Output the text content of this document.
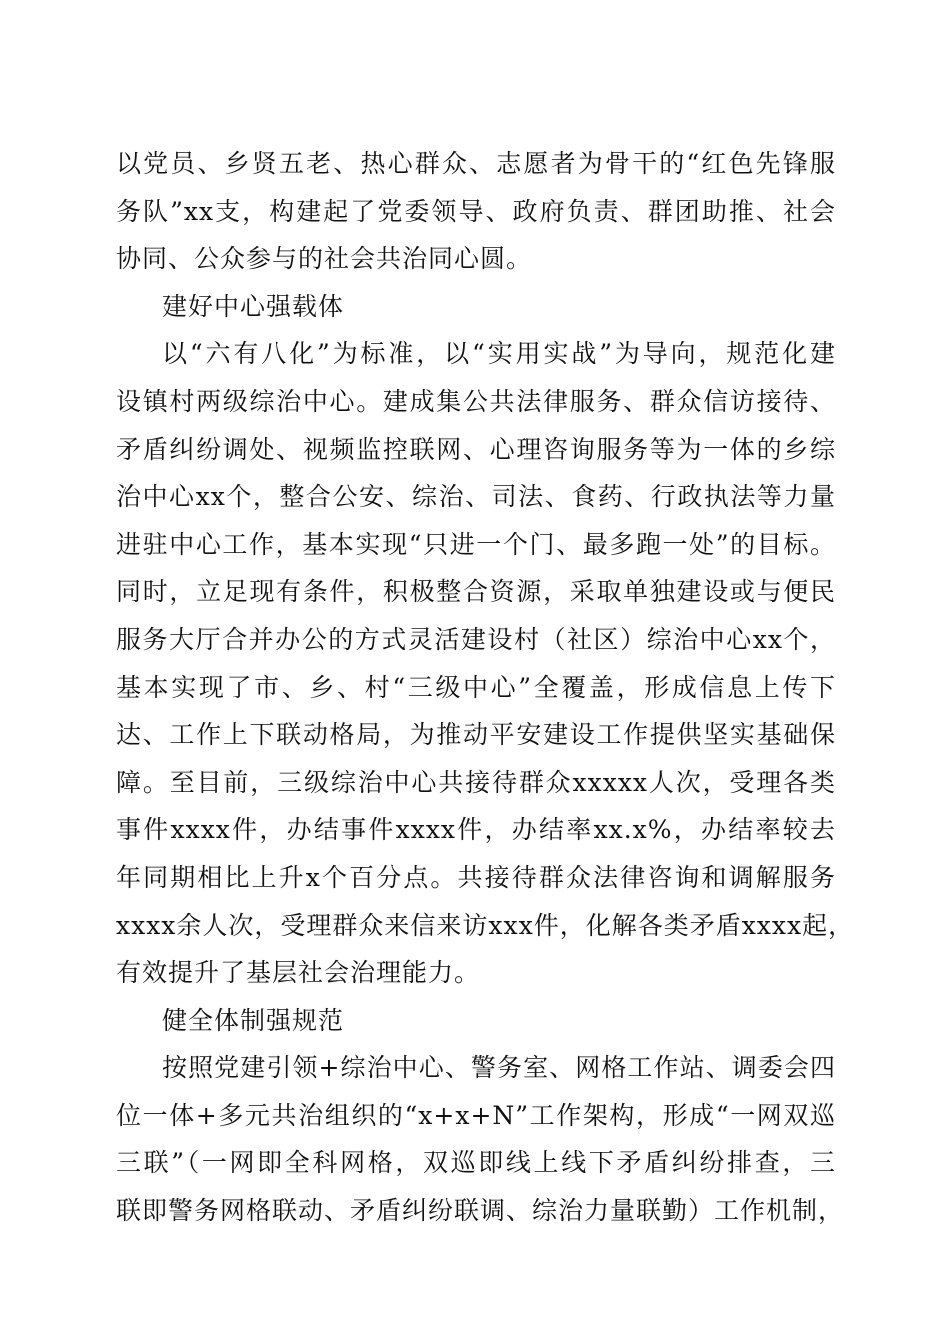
以党员、乡贤五老、热心群众、志愿者为骨干的“红色先锋服
务队”xx支，构建起了党委领导、政府负责、群团助推、社会
协同、公众参与的社会共治同心圆。
建好中心强载体
以“六有八化”为标准，以“实用实战”为导向，规范化建
设镇村两级综治中心。建成集公共法律服务、群众信访接待、
矛盾纠纷调处、视频监控联网、心理咨询服务等为一体的乡综
治中心xx个，整合公安、综治、司法、食药、行政执法等力量
进驻中心工作，基本实现“只进一个门、最多跑一处”的目标。
同时，立足现有条件，积极整合资源，采取单独建设或与便民
服务大厅合并办公的方式灵活建设村（社区）综治中心xx个，
基本实现了市、乡、村“三级中心”全覆盖，形成信息上传下
达、工作上下联动格局，为推动平安建设工作提供坚实基础保
障。至目前，三级综治中心共接待群众xxxxx人次，受理各类
事件xxxx件，办结事件xxxx件，办结率xx.x%，办结率较去
年同期相比上升x个百分点。共接待群众法律咨询和调解服务
xxxx余人次，受理群众来信来访xxx件，化解各类矛盾xxxx起，
有效提升了基层社会治理能力。
健全体制强规范
按照党建引领+综治中心、警务室、网格工作站、调委会四
位一体+多元共治组织的“x+x+N”工作架构，形成“一网双巡
三联”（一网即全科网格，双巡即线上线下矛盾纠纷排查，三
联即警务网格联动、矛盾纠纷联调、综治力量联勤）工作机制，
